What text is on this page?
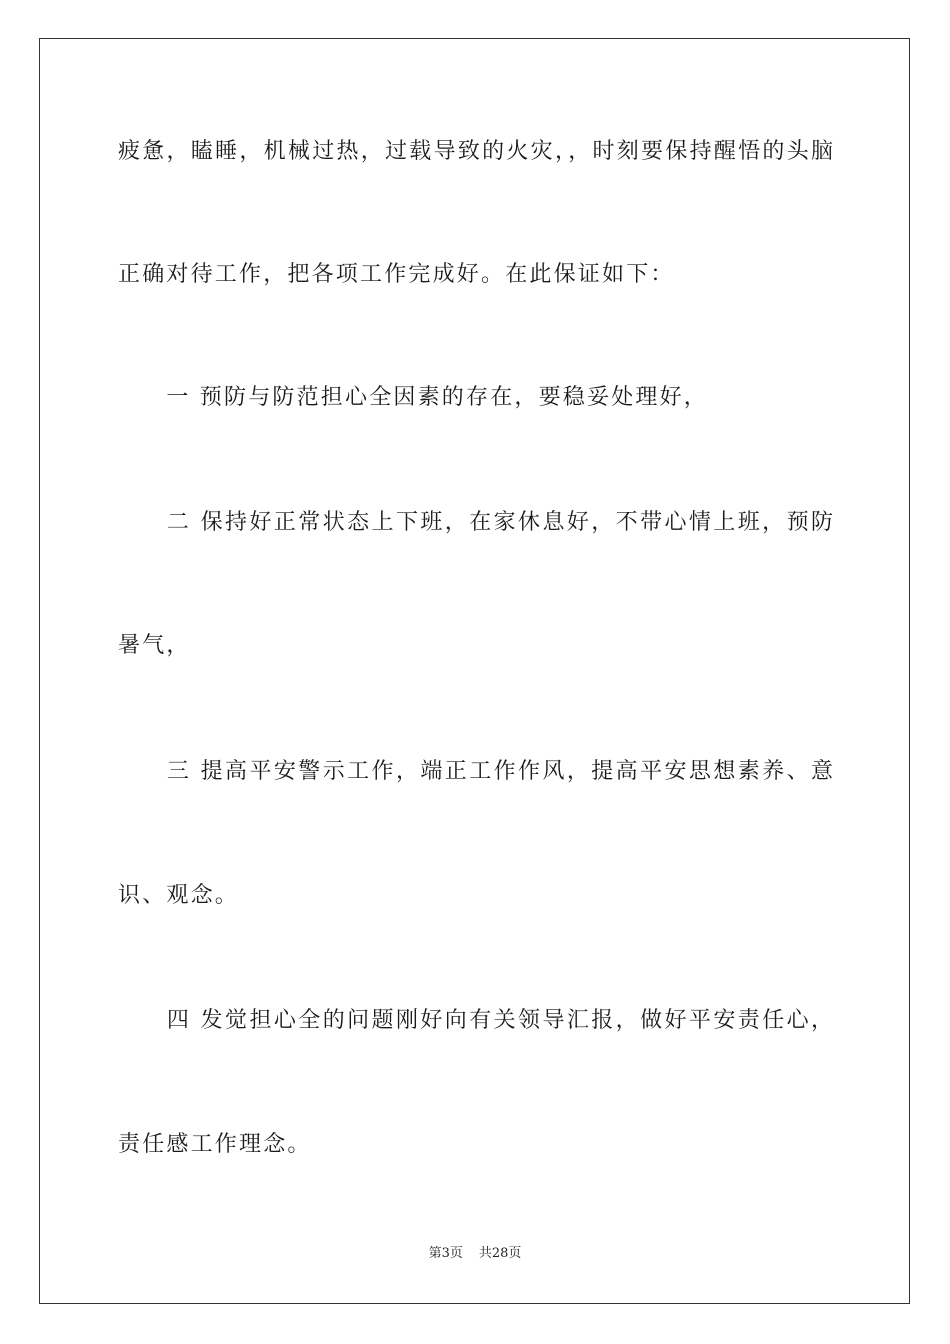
疲惫，瞌睡，机械过热，过载导致的火灾，，时刻要保持醒悟的头脑
正确对待工作，把各项工作完成好。在此保证如下：
　　一 预防与防范担心全因素的存在，要稳妥处理好，
　　二 保持好正常状态上下班，在家休息好，不带心情上班，预防
暑气，
　　三 提高平安警示工作，端正工作作风，提高平安思想素养、意
识、观念。
　　四 发觉担心全的问题刚好向有关领导汇报，做好平安责任心，
责任感工作理念。
第3页 共28页
